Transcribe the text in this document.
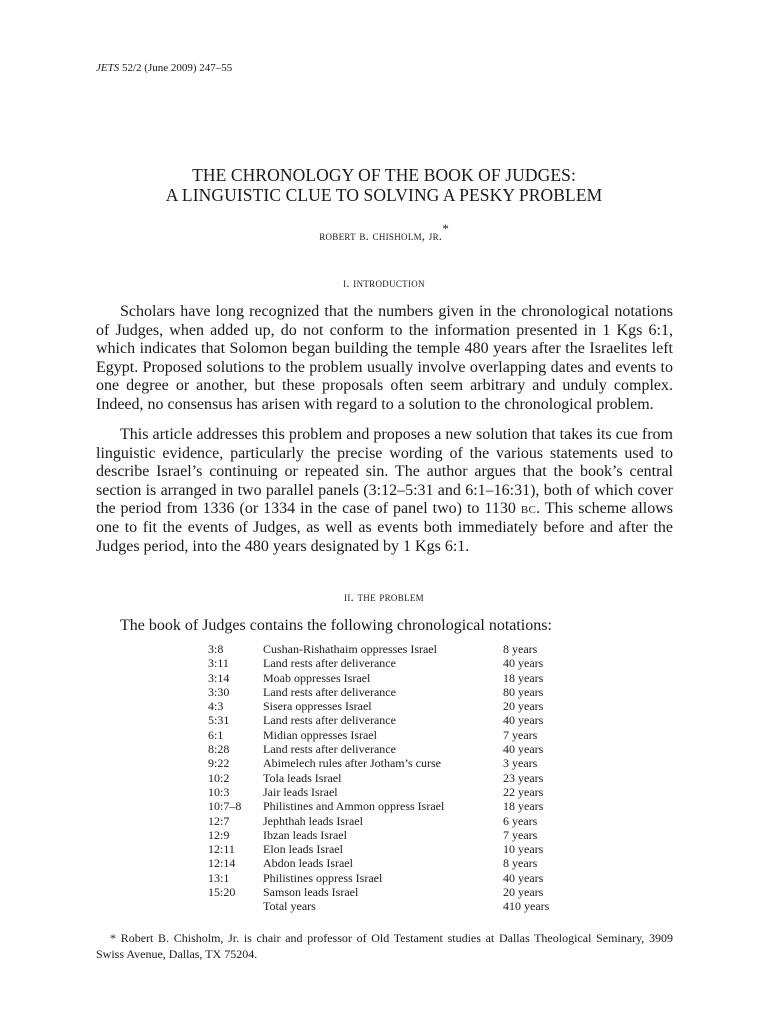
JETS 52/2 (June 2009) 247–55
THE CHRONOLOGY OF THE BOOK OF JUDGES:
A LINGUISTIC CLUE TO SOLVING A PESKY PROBLEM
robert b. chisholm, jr.*
i. introduction

Scholars have long recognized that the numbers given in the chronological notations of Judges, when added up, do not conform to the information presented in 1 Kgs 6:1, which indicates that Solomon began building the temple 480 years after the Israelites left Egypt. Proposed solutions to the problem usually involve overlapping dates and events to one degree or another, but these proposals often seem arbitrary and unduly complex. Indeed, no consensus has arisen with regard to a solution to the chronological problem.

This article addresses this problem and proposes a new solution that takes its cue from linguistic evidence, particularly the precise wording of the various statements used to describe Israel’s continuing or repeated sin. The author argues that the book’s central section is arranged in two parallel panels (3:12–5:31 and 6:1–16:31), both of which cover the period from 1336 (or 1334 in the case of panel two) to 1130 bc. This scheme allows one to fit the events of Judges, as well as events both immediately before and after the Judges period, into the 480 years designated by 1 Kgs 6:1.

ii. the problem

The book of Judges contains the following chronological notations:

3:8	Cushan-Rishathaim oppresses Israel	8 years
3:11	Land rests after deliverance	40 years
3:14	Moab oppresses Israel	18 years
3:30	Land rests after deliverance	80 years
4:3	Sisera oppresses Israel	20 years
5:31	Land rests after deliverance	40 years
6:1	Midian oppresses Israel	7 years
8:28	Land rests after deliverance	40 years
9:22	Abimelech rules after Jotham’s curse	3 years
10:2	Tola leads Israel	23 years
10:3	Jair leads Israel	22 years
10:7–8	Philistines and Ammon oppress Israel	18 years
12:7	Jephthah leads Israel	6 years
12:9	Ibzan leads Israel	7 years
12:11	Elon leads Israel	10 years
12:14	Abdon leads Israel	8 years
13:1	Philistines oppress Israel	40 years
15:20	Samson leads Israel	20 years
Total years	410 years

* Robert B. Chisholm, Jr. is chair and professor of Old Testament studies at Dallas Theological Seminary, 3909 Swiss Avenue, Dallas, TX 75204.
